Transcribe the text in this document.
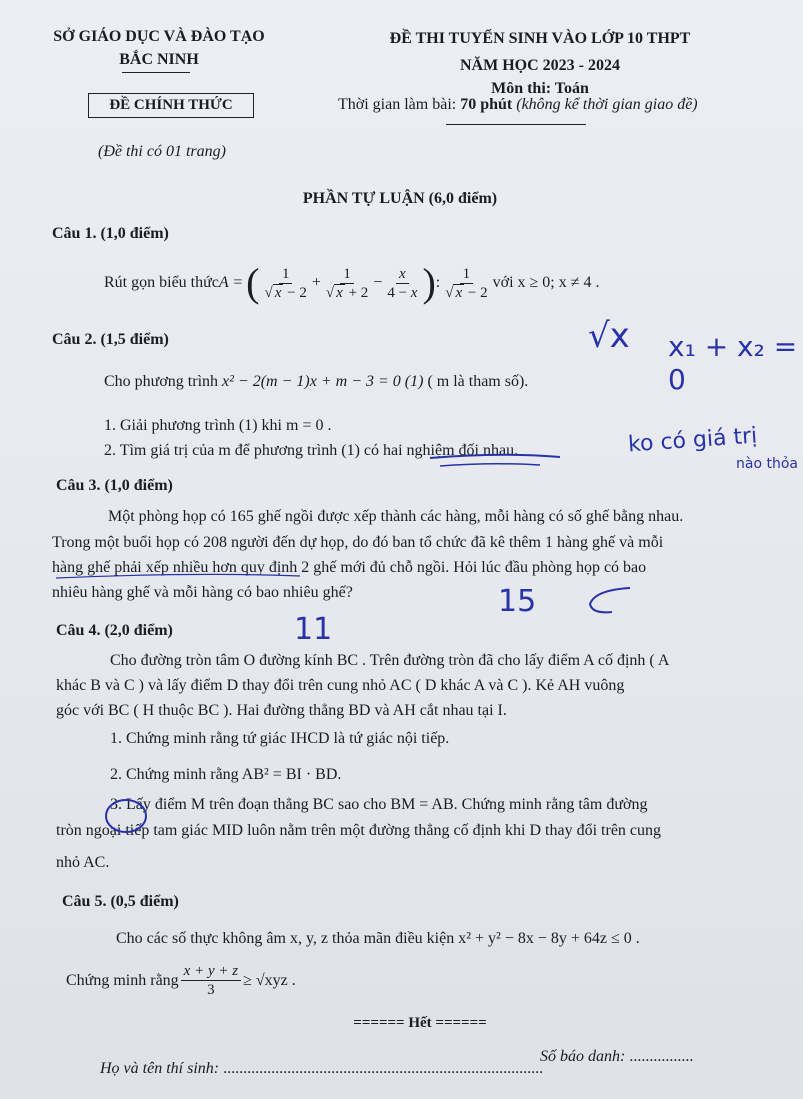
SỞ GIÁO DỤC VÀ ĐÀO TẠO
BẮC NINH
ĐỀ CHÍNH THỨC
(Đề thi có 01 trang)
ĐỀ THI TUYỂN SINH VÀO LỚP 10 THPT
NĂM HỌC 2023 - 2024
Môn thi: Toán
Thời gian làm bài: 70 phút (không kể thời gian giao đề)
PHẦN TỰ LUẬN (6,0 điểm)
Câu 1. (1,0 điểm)
Rút gọn biểu thức A = ( $\frac{1}{√ x - 2} + \frac{1}{√ x + 2} - \frac{x}{4 - x}$ ) : $\frac{1}{√ x - 2}$ với x ≥ 0; x ≠ 4 .
Câu 2. (1,5 điểm)
Cho phương trình x² − 2(m − 1)x + m − 3 = 0 (1) ( m là tham số).
1. Giải phương trình (1) khi m = 0 .
2. Tìm giá trị của m để phương trình (1) có hai nghiệm đối nhau.
Câu 3. (1,0 điểm)
Một phòng họp có 165 ghế ngồi được xếp thành các hàng, mỗi hàng có số ghế bằng nhau.
Trong một buổi họp có 208 người đến dự họp, do đó ban tổ chức đã kê thêm 1 hàng ghế và mỗi
hàng ghế phải xếp nhiều hơn quy định 2 ghế mới đủ chỗ ngồi. Hỏi lúc đầu phòng họp có bao
nhiêu hàng ghế và mỗi hàng có bao nhiêu ghế?
Câu 4. (2,0 điểm)
Cho đường tròn tâm O đường kính BC . Trên đường tròn đã cho lấy điểm A cố định ( A
khác B và C ) và lấy điểm D thay đổi trên cung nhỏ AC ( D khác A và C ). Kẻ AH vuông
góc với BC ( H thuộc BC ). Hai đường thẳng BD và AH cắt nhau tại I.
1. Chứng minh rằng tứ giác IHCD là tứ giác nội tiếp.
2. Chứng minh rằng AB² = BI · BD.
3. Lấy điểm M trên đoạn thẳng BC sao cho BM = AB. Chứng minh rằng tâm đường
tròn ngoại tiếp tam giác MID luôn nằm trên một đường thẳng cố định khi D thay đổi trên cung
nhỏ AC.
Câu 5. (0,5 điểm)
Cho các số thực không âm x, y, z thỏa mãn điều kiện x² + y² − 8x − 8y + 64z ≤ 0 .
Chứng minh rằng $\frac{x + y + z}{3} \ge √xyz$ .
====== Hết ======
Họ và tên thí sinh: ................................................................................
Số báo danh: ................
√x x₁ + x₂ = 0
ko có giá trị
nào thỏa
15
11
